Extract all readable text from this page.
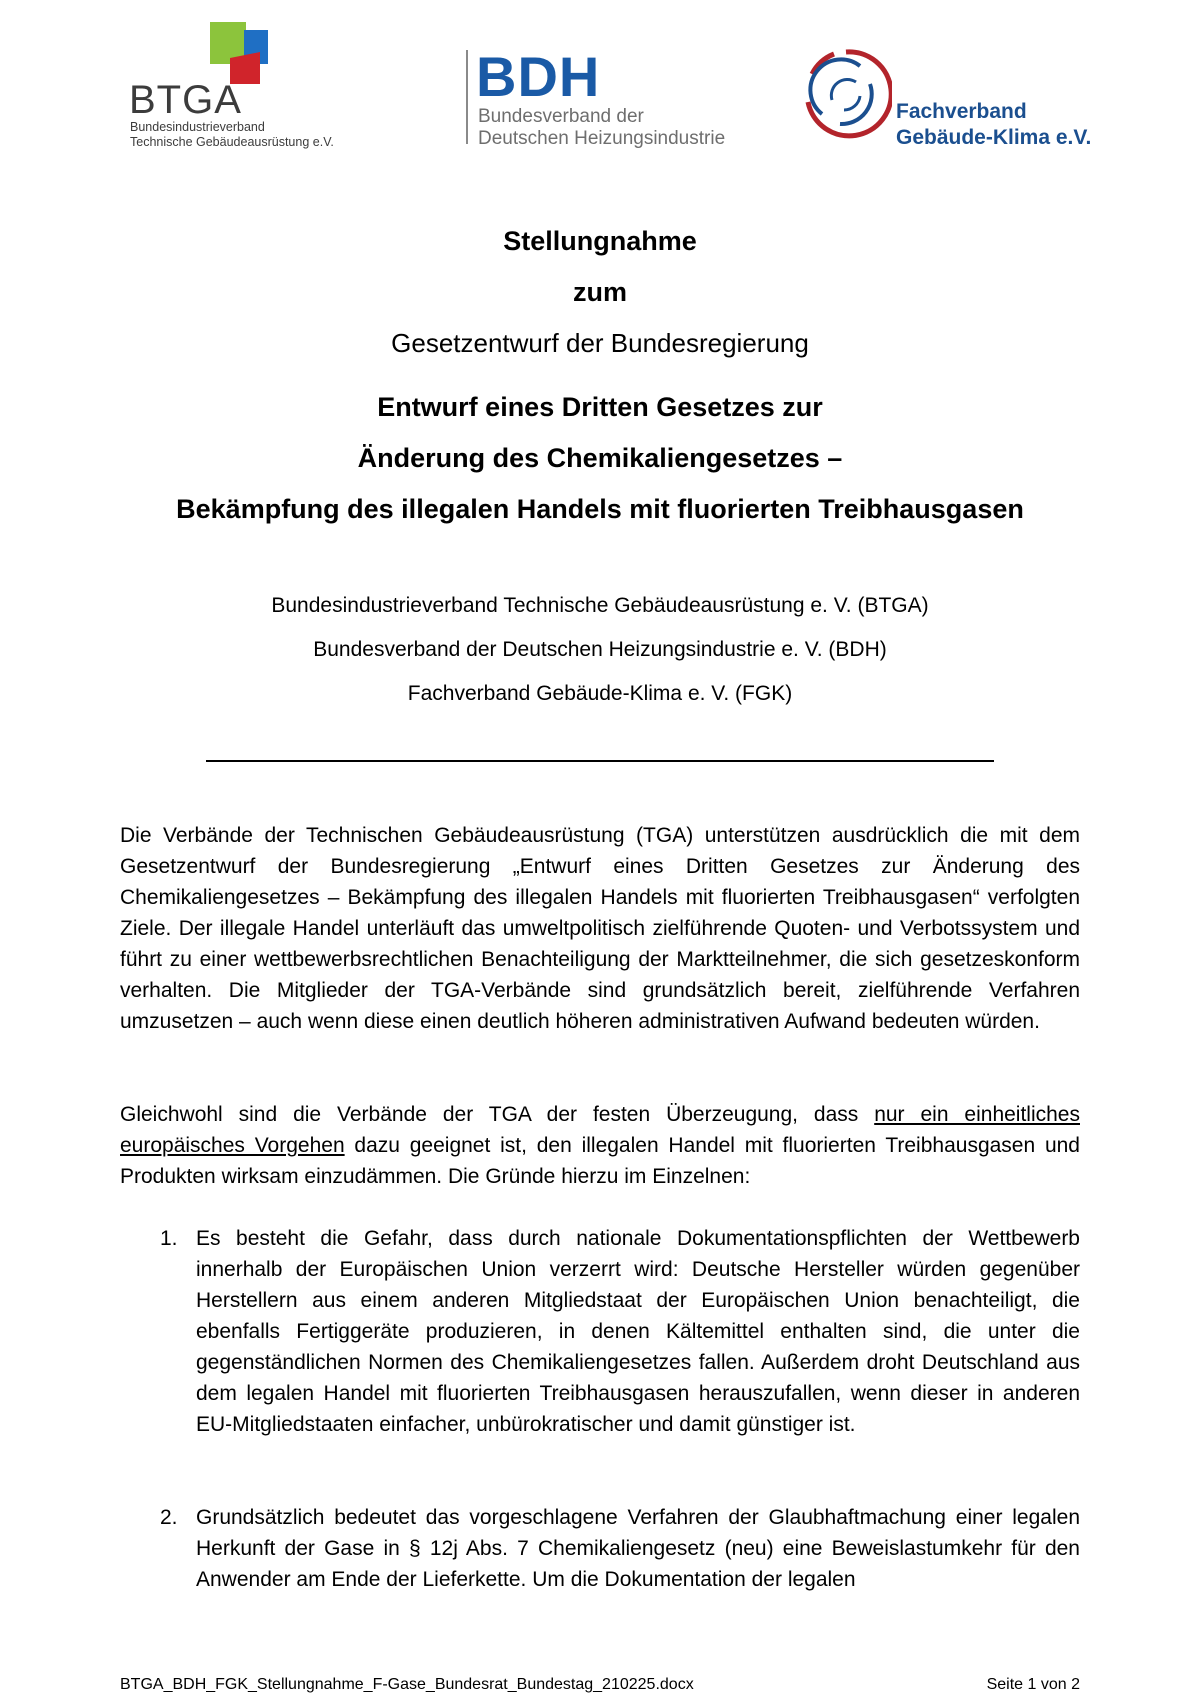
BTGA
Bundesindustrieverband
Technische Gebäudeausrüstung e.V.
BDH
Bundesverband der
Deutschen Heizungsindustrie
Fachverband
Gebäude-Klima e.V.
Stellungnahme
zum
Gesetzentwurf der Bundesregierung
Entwurf eines Dritten Gesetzes zur
Änderung des Chemikaliengesetzes –
Bekämpfung des illegalen Handels mit fluorierten Treibhausgasen
Bundesindustrieverband Technische Gebäudeausrüstung e. V. (BTGA)
Bundesverband der Deutschen Heizungsindustrie e. V. (BDH)
Fachverband Gebäude-Klima e. V. (FGK)
Die Verbände der Technischen Gebäudeausrüstung (TGA) unterstützen ausdrücklich die mit dem Gesetzentwurf der Bundesregierung „Entwurf eines Dritten Gesetzes zur Änderung des Chemikaliengesetzes – Bekämpfung des illegalen Handels mit fluorierten Treibhausgasen“ verfolgten Ziele. Der illegale Handel unterläuft das umweltpolitisch zielführende Quoten- und Verbotssystem und führt zu einer wettbewerbsrechtlichen Benachteiligung der Marktteilnehmer, die sich gesetzeskonform verhalten. Die Mitglieder der TGA-Verbände sind grundsätzlich bereit, zielführende Verfahren umzusetzen – auch wenn diese einen deutlich höheren administrativen Aufwand bedeuten würden.
Gleichwohl sind die Verbände der TGA der festen Überzeugung, dass nur ein einheitliches europäisches Vorgehen dazu geeignet ist, den illegalen Handel mit fluorierten Treibhausgasen und Produkten wirksam einzudämmen. Die Gründe hierzu im Einzelnen:
1. Es besteht die Gefahr, dass durch nationale Dokumentationspflichten der Wettbewerb innerhalb der Europäischen Union verzerrt wird: Deutsche Hersteller würden gegenüber Herstellern aus einem anderen Mitgliedstaat der Europäischen Union benachteiligt, die ebenfalls Fertiggeräte produzieren, in denen Kältemittel enthalten sind, die unter die gegenständlichen Normen des Chemikaliengesetzes fallen. Außerdem droht Deutschland aus dem legalen Handel mit fluorierten Treibhausgasen herauszufallen, wenn dieser in anderen EU-Mitgliedstaaten einfacher, unbürokratischer und damit günstiger ist.
2. Grundsätzlich bedeutet das vorgeschlagene Verfahren der Glaubhaftmachung einer legalen Herkunft der Gase in § 12j Abs. 7 Chemikaliengesetz (neu) eine Beweislastumkehr für den Anwender am Ende der Lieferkette. Um die Dokumentation der legalen
BTGA_BDH_FGK_Stellungnahme_F-Gase_Bundesrat_Bundestag_210225.docx	Seite 1 von 2
